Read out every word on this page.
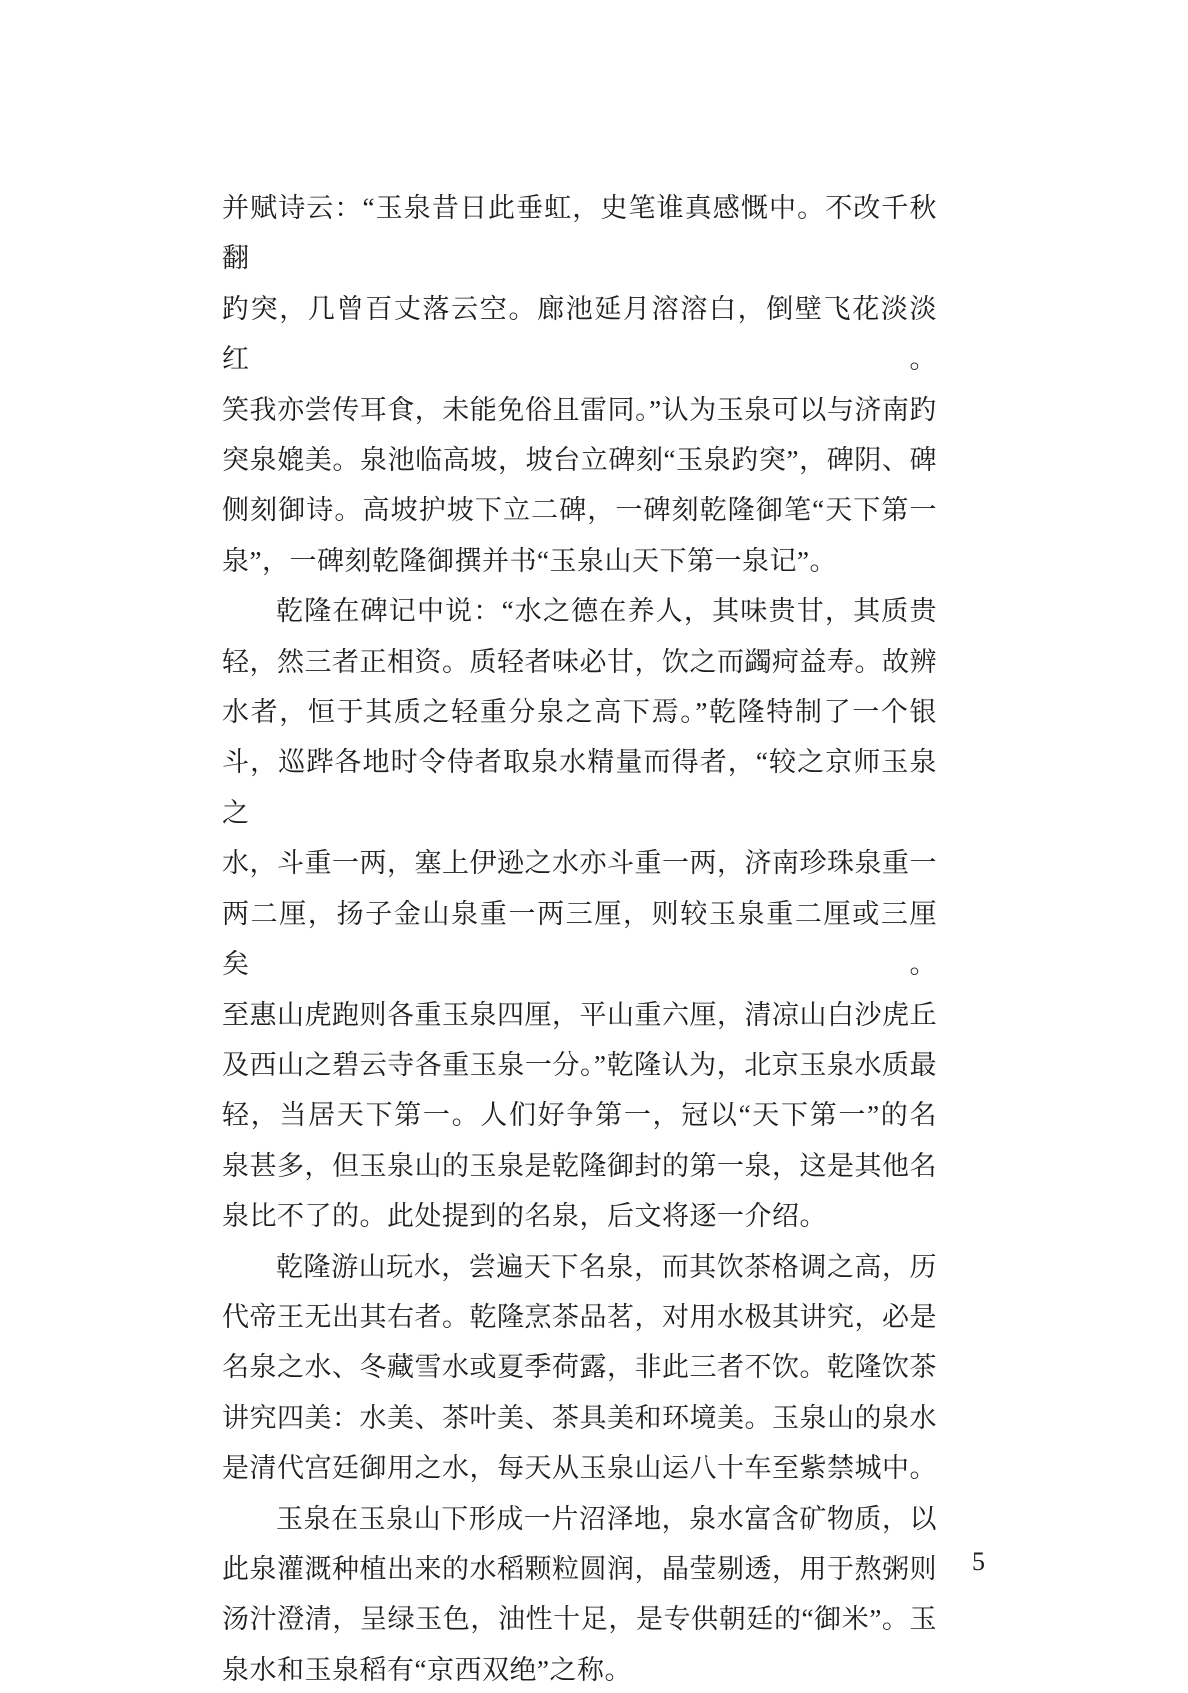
并赋诗云：“玉泉昔日此垂虹，史笔谁真感慨中。不改千秋翻
趵突，几曾百丈落云空。廊池延月溶溶白，倒壁飞花淡淡红。
笑我亦尝传耳食，未能免俗且雷同。”认为玉泉可以与济南趵
突泉媲美。泉池临高坡，坡台立碑刻“玉泉趵突”，碑阴、碑
侧刻御诗。高坡护坡下立二碑，一碑刻乾隆御笔“天下第一
泉”，一碑刻乾隆御撰并书“玉泉山天下第一泉记”。
乾隆在碑记中说：“水之德在养人，其味贵甘，其质贵
轻，然三者正相资。质轻者味必甘，饮之而蠲疴益寿。故辨
水者，恒于其质之轻重分泉之高下焉。”乾隆特制了一个银
斗，巡跸各地时令侍者取泉水精量而得者，“较之京师玉泉之
水，斗重一两，塞上伊逊之水亦斗重一两，济南珍珠泉重一
两二厘，扬子金山泉重一两三厘，则较玉泉重二厘或三厘矣。
至惠山虎跑则各重玉泉四厘，平山重六厘，清凉山白沙虎丘
及西山之碧云寺各重玉泉一分。”乾隆认为，北京玉泉水质最
轻，当居天下第一。人们好争第一，冠以“天下第一”的名
泉甚多，但玉泉山的玉泉是乾隆御封的第一泉，这是其他名
泉比不了的。此处提到的名泉，后文将逐一介绍。
乾隆游山玩水，尝遍天下名泉，而其饮茶格调之高，历
代帝王无出其右者。乾隆烹茶品茗，对用水极其讲究，必是
名泉之水、冬藏雪水或夏季荷露，非此三者不饮。乾隆饮茶
讲究四美：水美、茶叶美、茶具美和环境美。玉泉山的泉水
是清代宫廷御用之水，每天从玉泉山运八十车至紫禁城中。
玉泉在玉泉山下形成一片沼泽地，泉水富含矿物质，以
此泉灌溉种植出来的水稻颗粒圆润，晶莹剔透，用于熬粥则
汤汁澄清，呈绿玉色，油性十足，是专供朝廷的“御米”。玉
泉水和玉泉稻有“京西双绝”之称。
5
